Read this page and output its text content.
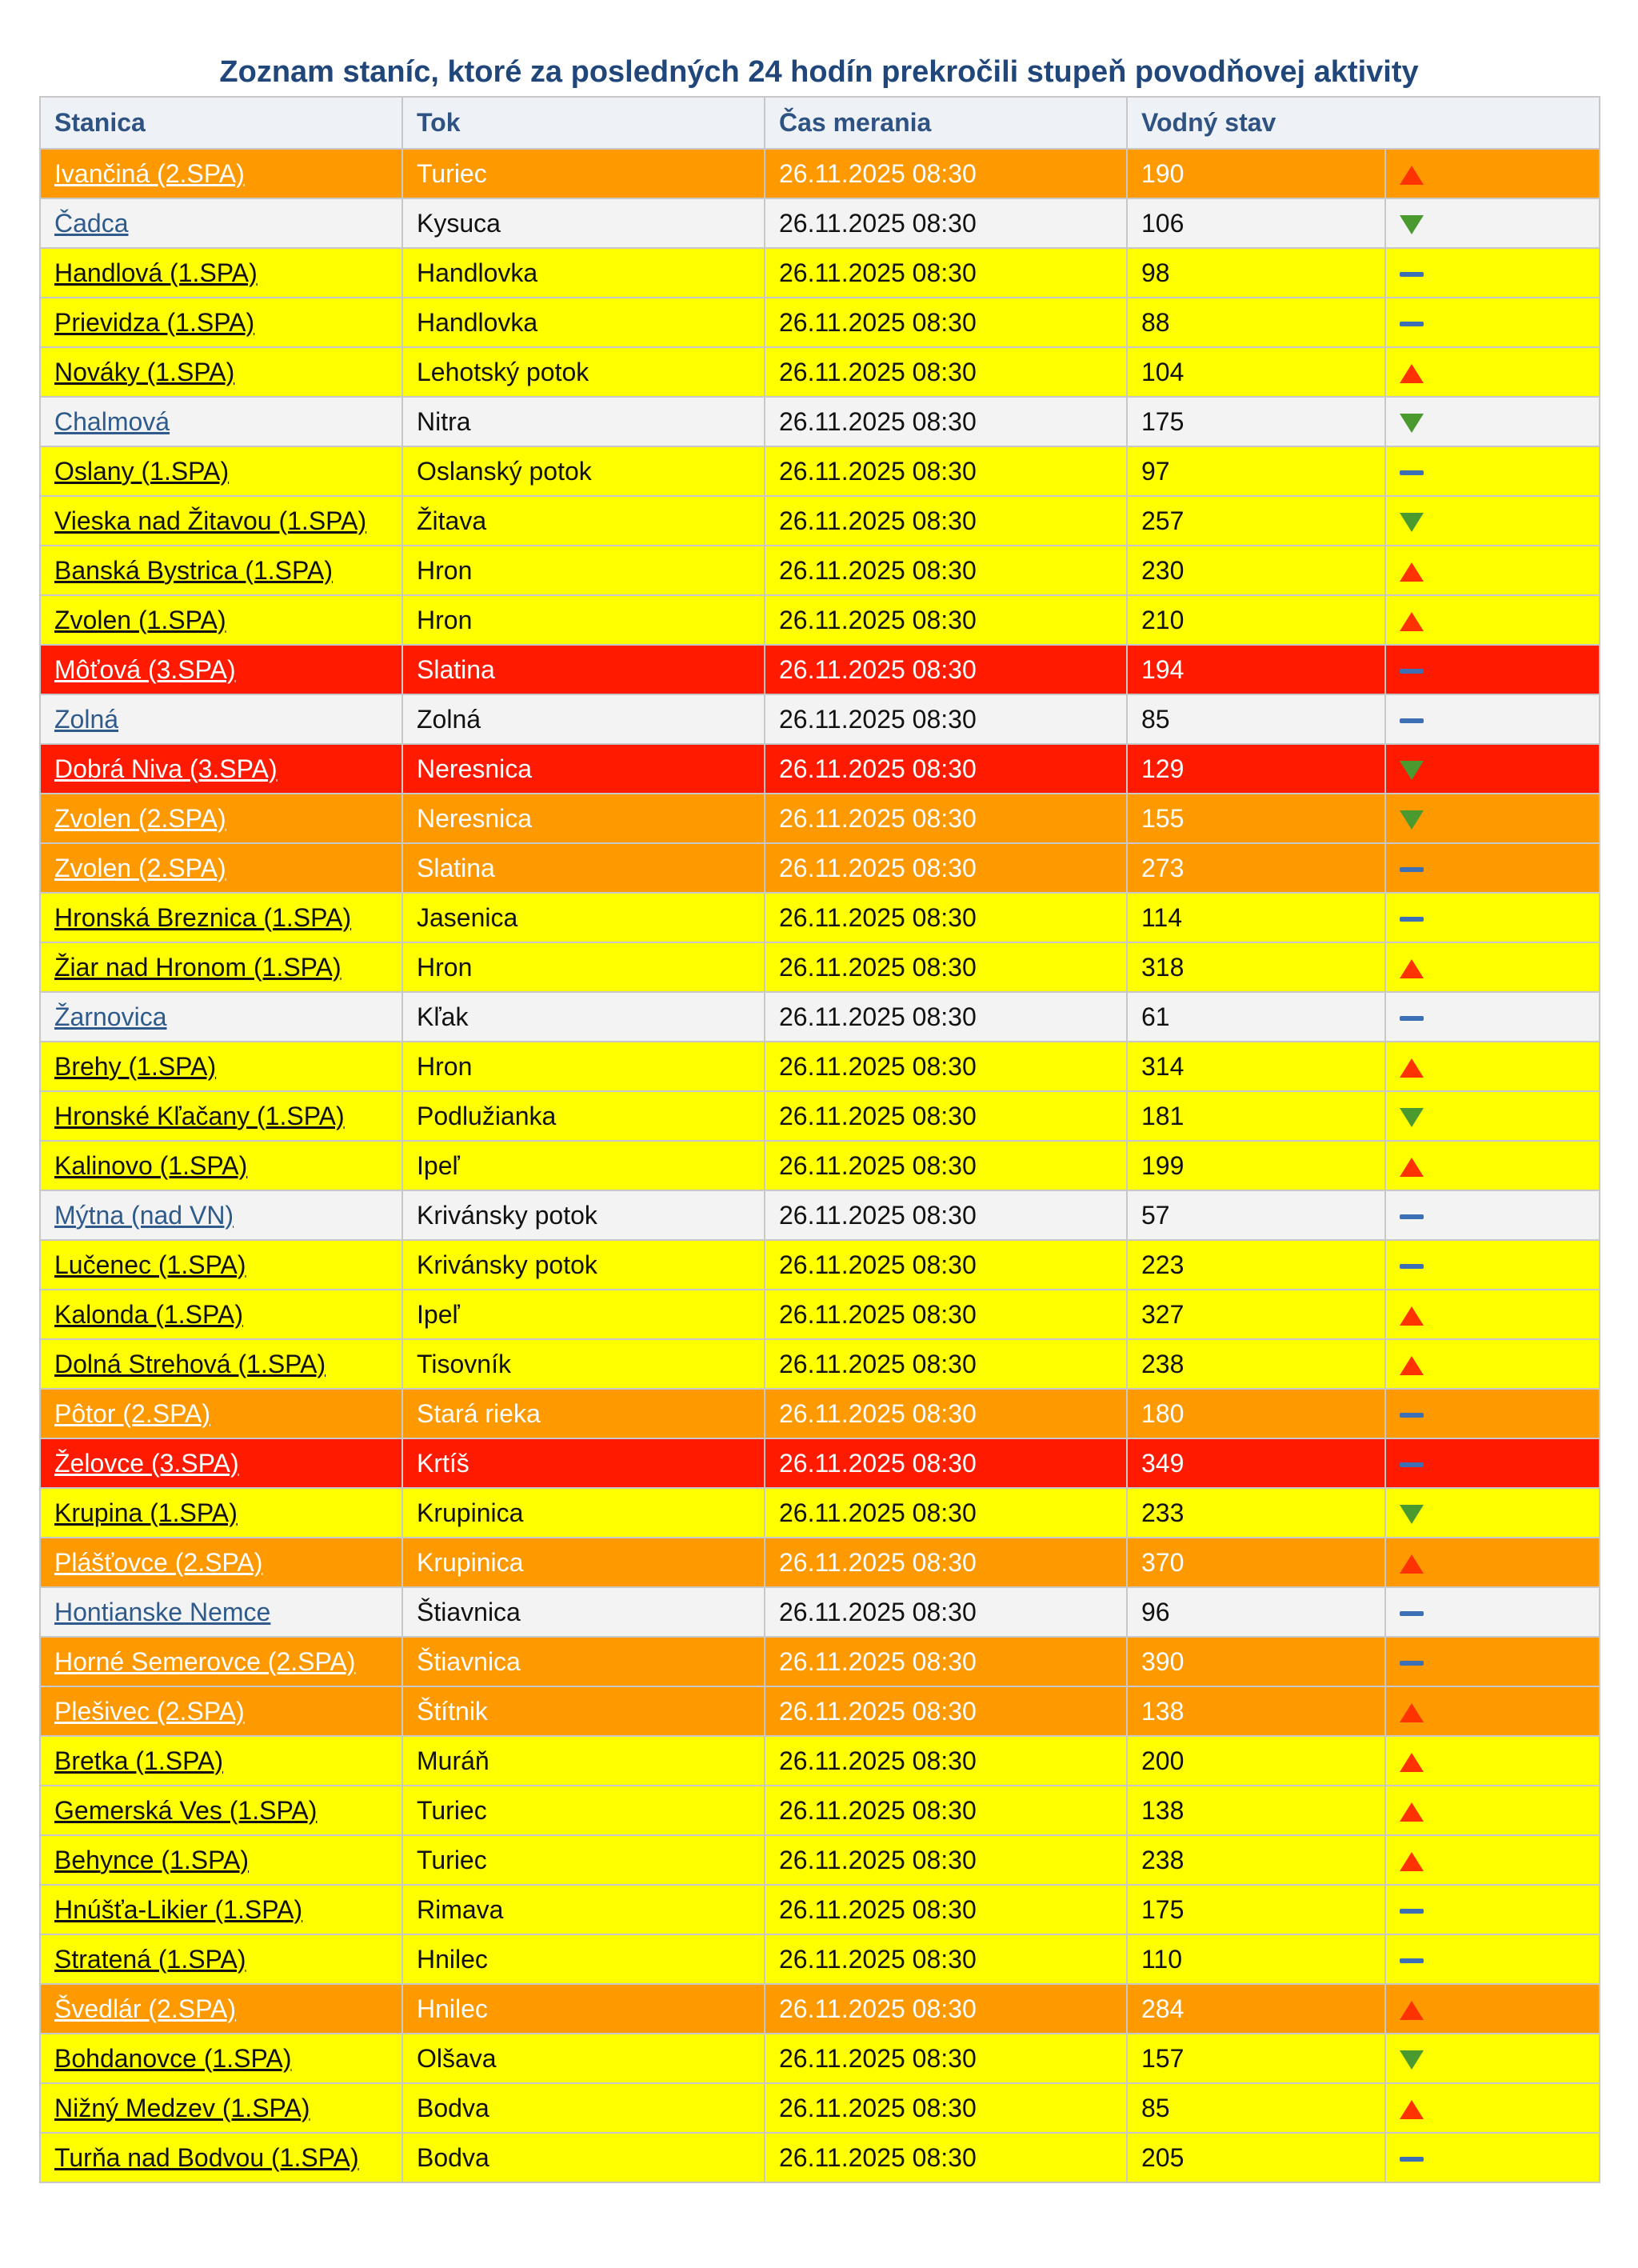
Zoznam staníc, ktoré za posledných 24 hodín prekročili stupeň povodňovej aktivity
Stanica	Tok	Čas merania	Vodný stav	
Ivančiná (2.SPA)	Turiec	26.11.2025 08:30	190	
Čadca	Kysuca	26.11.2025 08:30	106	
Handlová (1.SPA)	Handlovka	26.11.2025 08:30	98	
Prievidza (1.SPA)	Handlovka	26.11.2025 08:30	88	
Nováky (1.SPA)	Lehotský potok	26.11.2025 08:30	104	
Chalmová	Nitra	26.11.2025 08:30	175	
Oslany (1.SPA)	Oslanský potok	26.11.2025 08:30	97	
Vieska nad Žitavou (1.SPA)	Žitava	26.11.2025 08:30	257	
Banská Bystrica (1.SPA)	Hron	26.11.2025 08:30	230	
Zvolen (1.SPA)	Hron	26.11.2025 08:30	210	
Môťová (3.SPA)	Slatina	26.11.2025 08:30	194	
Zolná	Zolná	26.11.2025 08:30	85	
Dobrá Niva (3.SPA)	Neresnica	26.11.2025 08:30	129	
Zvolen (2.SPA)	Neresnica	26.11.2025 08:30	155	
Zvolen (2.SPA)	Slatina	26.11.2025 08:30	273	
Hronská Breznica (1.SPA)	Jasenica	26.11.2025 08:30	114	
Žiar nad Hronom (1.SPA)	Hron	26.11.2025 08:30	318	
Žarnovica	Kľak	26.11.2025 08:30	61	
Brehy (1.SPA)	Hron	26.11.2025 08:30	314	
Hronské Kľačany (1.SPA)	Podlužianka	26.11.2025 08:30	181	
Kalinovo (1.SPA)	Ipeľ	26.11.2025 08:30	199	
Mýtna (nad VN)	Krivánsky potok	26.11.2025 08:30	57	
Lučenec (1.SPA)	Krivánsky potok	26.11.2025 08:30	223	
Kalonda (1.SPA)	Ipeľ	26.11.2025 08:30	327	
Dolná Strehová (1.SPA)	Tisovník	26.11.2025 08:30	238	
Pôtor (2.SPA)	Stará rieka	26.11.2025 08:30	180	
Želovce (3.SPA)	Krtíš	26.11.2025 08:30	349	
Krupina (1.SPA)	Krupinica	26.11.2025 08:30	233	
Plášťovce (2.SPA)	Krupinica	26.11.2025 08:30	370	
Hontianske Nemce	Štiavnica	26.11.2025 08:30	96	
Horné Semerovce (2.SPA)	Štiavnica	26.11.2025 08:30	390	
Plešivec (2.SPA)	Štítnik	26.11.2025 08:30	138	
Bretka (1.SPA)	Muráň	26.11.2025 08:30	200	
Gemerská Ves (1.SPA)	Turiec	26.11.2025 08:30	138	
Behynce (1.SPA)	Turiec	26.11.2025 08:30	238	
Hnúšťa-Likier (1.SPA)	Rimava	26.11.2025 08:30	175	
Stratená (1.SPA)	Hnilec	26.11.2025 08:30	110	
Švedlár (2.SPA)	Hnilec	26.11.2025 08:30	284	
Bohdanovce (1.SPA)	Olšava	26.11.2025 08:30	157	
Nižný Medzev (1.SPA)	Bodva	26.11.2025 08:30	85	
Turňa nad Bodvou (1.SPA)	Bodva	26.11.2025 08:30	205	
